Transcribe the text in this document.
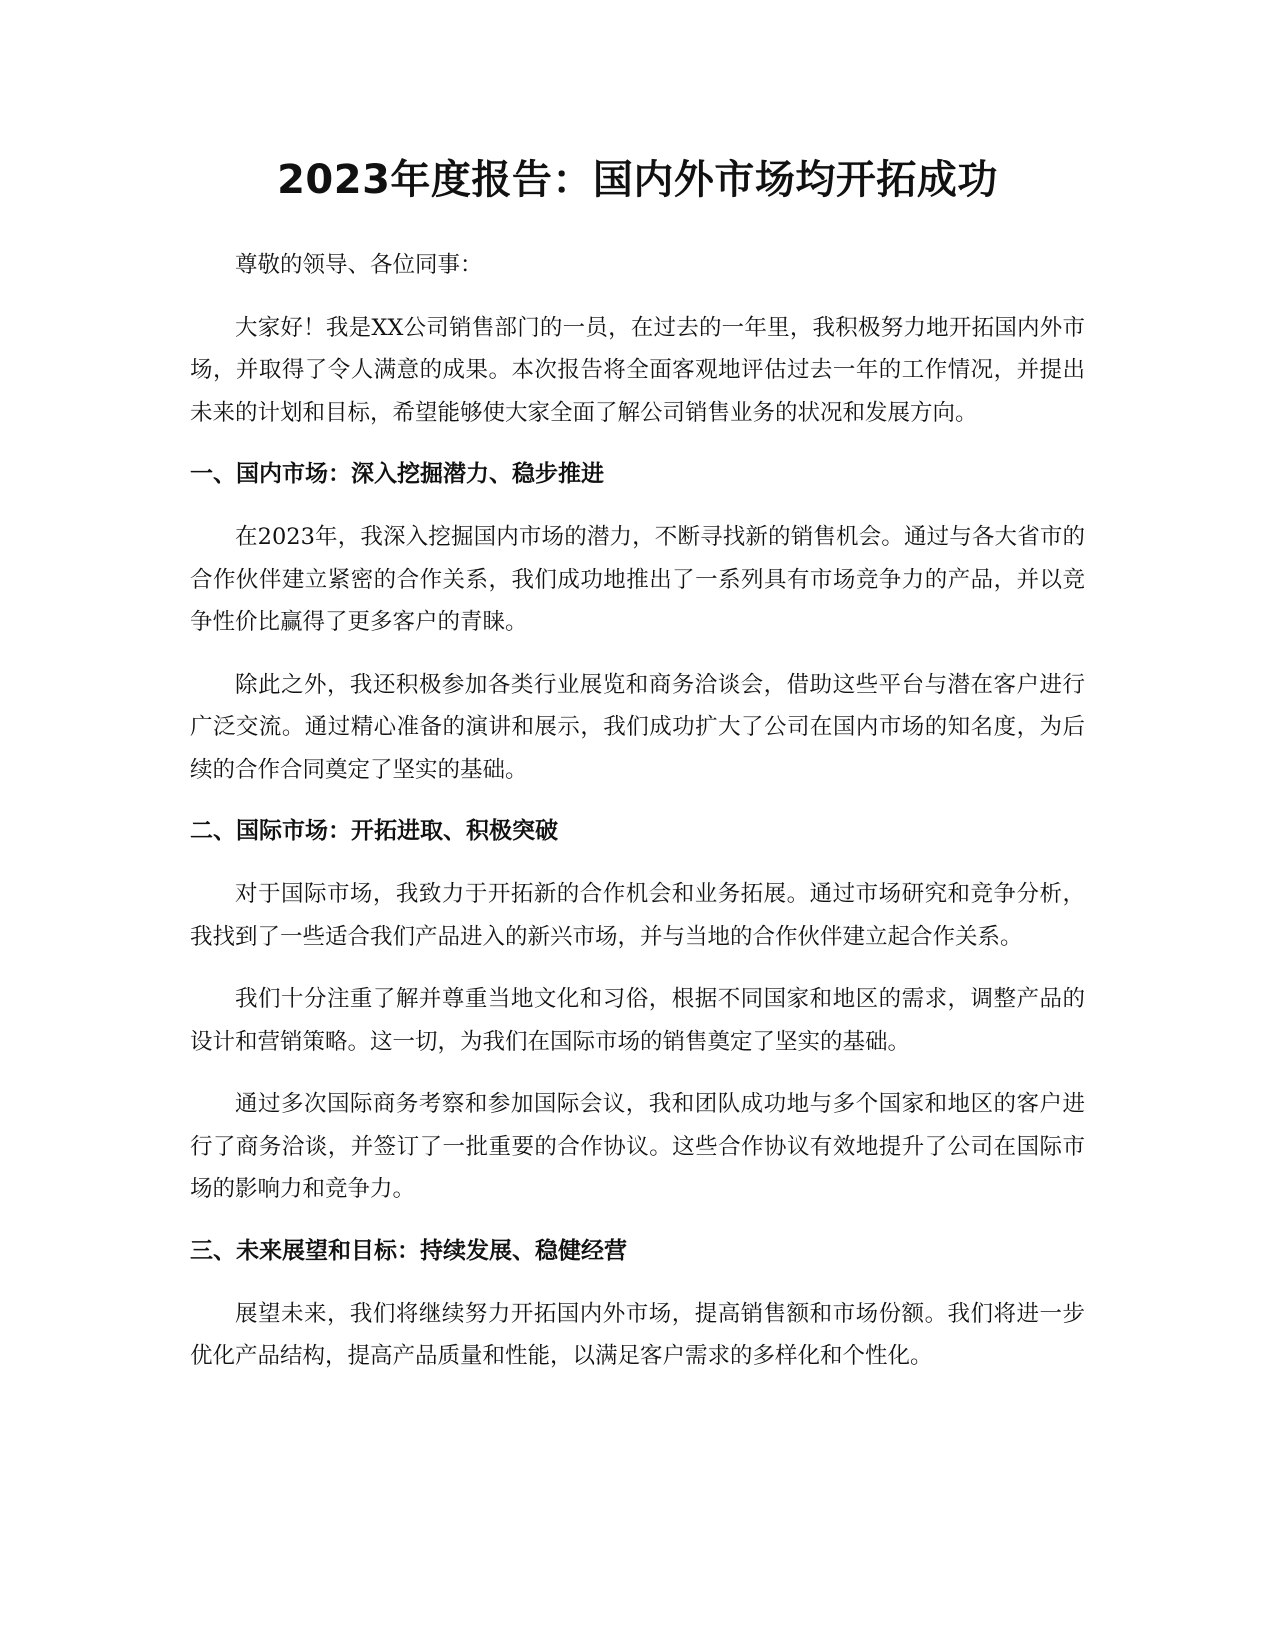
2023年度报告：国内外市场均开拓成功

尊敬的领导、各位同事：

大家好！我是XX公司销售部门的一员，在过去的一年里，我积极努力地开拓国内外市场，并取得了令人满意的成果。本次报告将全面客观地评估过去一年的工作情况，并提出未来的计划和目标，希望能够使大家全面了解公司销售业务的状况和发展方向。

一、国内市场：深入挖掘潜力、稳步推进

在2023年，我深入挖掘国内市场的潜力，不断寻找新的销售机会。通过与各大省市的合作伙伴建立紧密的合作关系，我们成功地推出了一系列具有市场竞争力的产品，并以竞争性价比赢得了更多客户的青睐。

除此之外，我还积极参加各类行业展览和商务洽谈会，借助这些平台与潜在客户进行广泛交流。通过精心准备的演讲和展示，我们成功扩大了公司在国内市场的知名度，为后续的合作合同奠定了坚实的基础。

二、国际市场：开拓进取、积极突破

对于国际市场，我致力于开拓新的合作机会和业务拓展。通过市场研究和竞争分析，我找到了一些适合我们产品进入的新兴市场，并与当地的合作伙伴建立起合作关系。

我们十分注重了解并尊重当地文化和习俗，根据不同国家和地区的需求，调整产品的设计和营销策略。这一切，为我们在国际市场的销售奠定了坚实的基础。

通过多次国际商务考察和参加国际会议，我和团队成功地与多个国家和地区的客户进行了商务洽谈，并签订了一批重要的合作协议。这些合作协议有效地提升了公司在国际市场的影响力和竞争力。

三、未来展望和目标：持续发展、稳健经营

展望未来，我们将继续努力开拓国内外市场，提高销售额和市场份额。我们将进一步优化产品结构，提高产品质量和性能，以满足客户需求的多样化和个性化。
